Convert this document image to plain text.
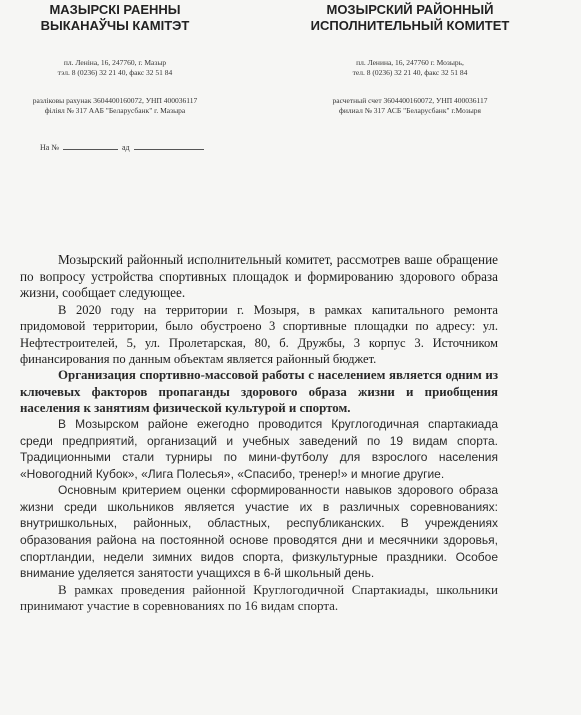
МАЗЫРСКІ РАЕННЫ
ВЫКАНАЎЧЫ КАМІТЭТ
пл. Леніна, 16, 247760, г. Мазыр
тэл. 8 (0236) 32 21 40, факс 32 51 84
разліковы рахунак 3604400160072, УНП 400036117
філіял № 317 ААБ "Беларусбанк" г. Мазыра
МОЗЫРСКИЙ РАЙОННЫЙ
ИСПОЛНИТЕЛЬНЫЙ КОМИТЕТ
пл. Ленина, 16, 247760 г. Мозырь,
тел. 8 (0236) 32 21 40, факс 32 51 84
расчетный счет 3604400160072, УНП 400036117
филиал № 317 АСБ "Беларусбанк" г.Мозыря
На №	ад

Мозырский районный исполнительный комитет, рассмотрев ваше обращение по вопросу устройства спортивных площадок и формированию здорового образа жизни, сообщает следующее.

В 2020 году на территории г. Мозыря, в рамках капитального ремонта придомовой территории, было обустроено 3 спортивные площадки по адресу: ул. Нефтестроителей, 5, ул. Пролетарская, 80, б. Дружбы, 3 корпус 3. Источником финансирования по данным объектам является районный бюджет.

Организация спортивно-массовой работы с населением является одним из ключевых факторов пропаганды здорового образа жизни и приобщения населения к занятиям физической культурой и спортом.

В Мозырском районе ежегодно проводится Круглогодичная спартакиада среди предприятий, организаций и учебных заведений по 19 видам спорта. Традиционными стали турниры по мини-футболу для взрослого населения «Новогодний Кубок», «Лига Полесья», «Спасибо, тренер!» и многие другие.

Основным критерием оценки сформированности навыков здорового образа жизни среди школьников является участие их в различных соревнованиях: внутришкольных, районных, областных, республиканских. В учреждениях образования района на постоянной основе проводятся дни и месячники здоровья, спортландии, недели зимних видов спорта, физкультурные праздники. Особое внимание уделяется занятости учащихся в 6-й школьный день.

В рамках проведения районной Круглогодичной Спартакиады, школьники принимают участие в соревнованиях по 16 видам спорта.
